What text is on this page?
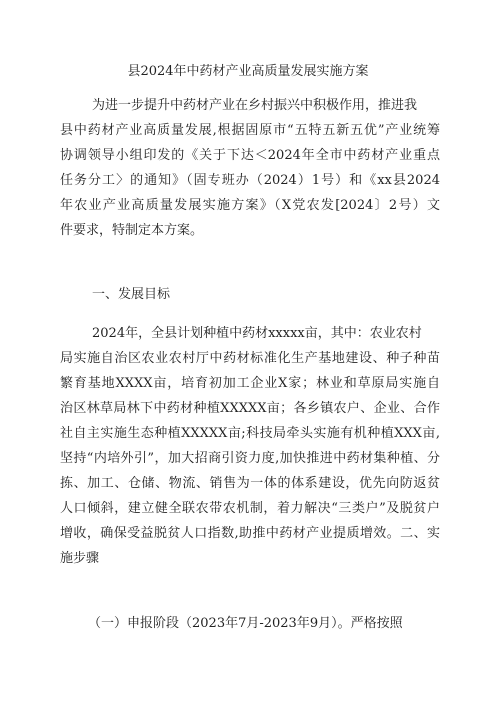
县2024年中药材产业高质量发展实施方案
为进一步提升中药材产业在乡村振兴中积极作用，推进我
县中药材产业高质量发展,根据固原市“五特五新五优”产业统筹
协调领导小组印发的《关于下达＜2024年全市中药材产业重点
任务分工〉的通知》（固专班办（2024）1号）和《xx县2024
年农业产业高质量发展实施方案》（X党农发[2024〕2号）文
件要求，特制定本方案。
一、发展目标
2024年，全县计划种植中药材xxxxx亩，其中：农业农村
局实施自治区农业农村厅中药材标准化生产基地建设、种子种苗
繁育基地XXXX亩，培育初加工企业X家；林业和草原局实施自
治区林草局林下中药材种植XXXXX亩；各乡镇农户、企业、合作
社自主实施生态种植XXXXX亩;科技局牵头实施有机种植XXX亩,
坚持“内培外引”，加大招商引资力度,加快推进中药材集种植、分
拣、加工、仓储、物流、销售为一体的体系建设，优先向防返贫
人口倾斜，建立健全联农带农机制，着力解决“三类户”及脱贫户
增收，确保受益脱贫人口指数,助推中药材产业提质增效。二、实
施步骤
（一）申报阶段（2023年7月-2023年9月）。严格按照
